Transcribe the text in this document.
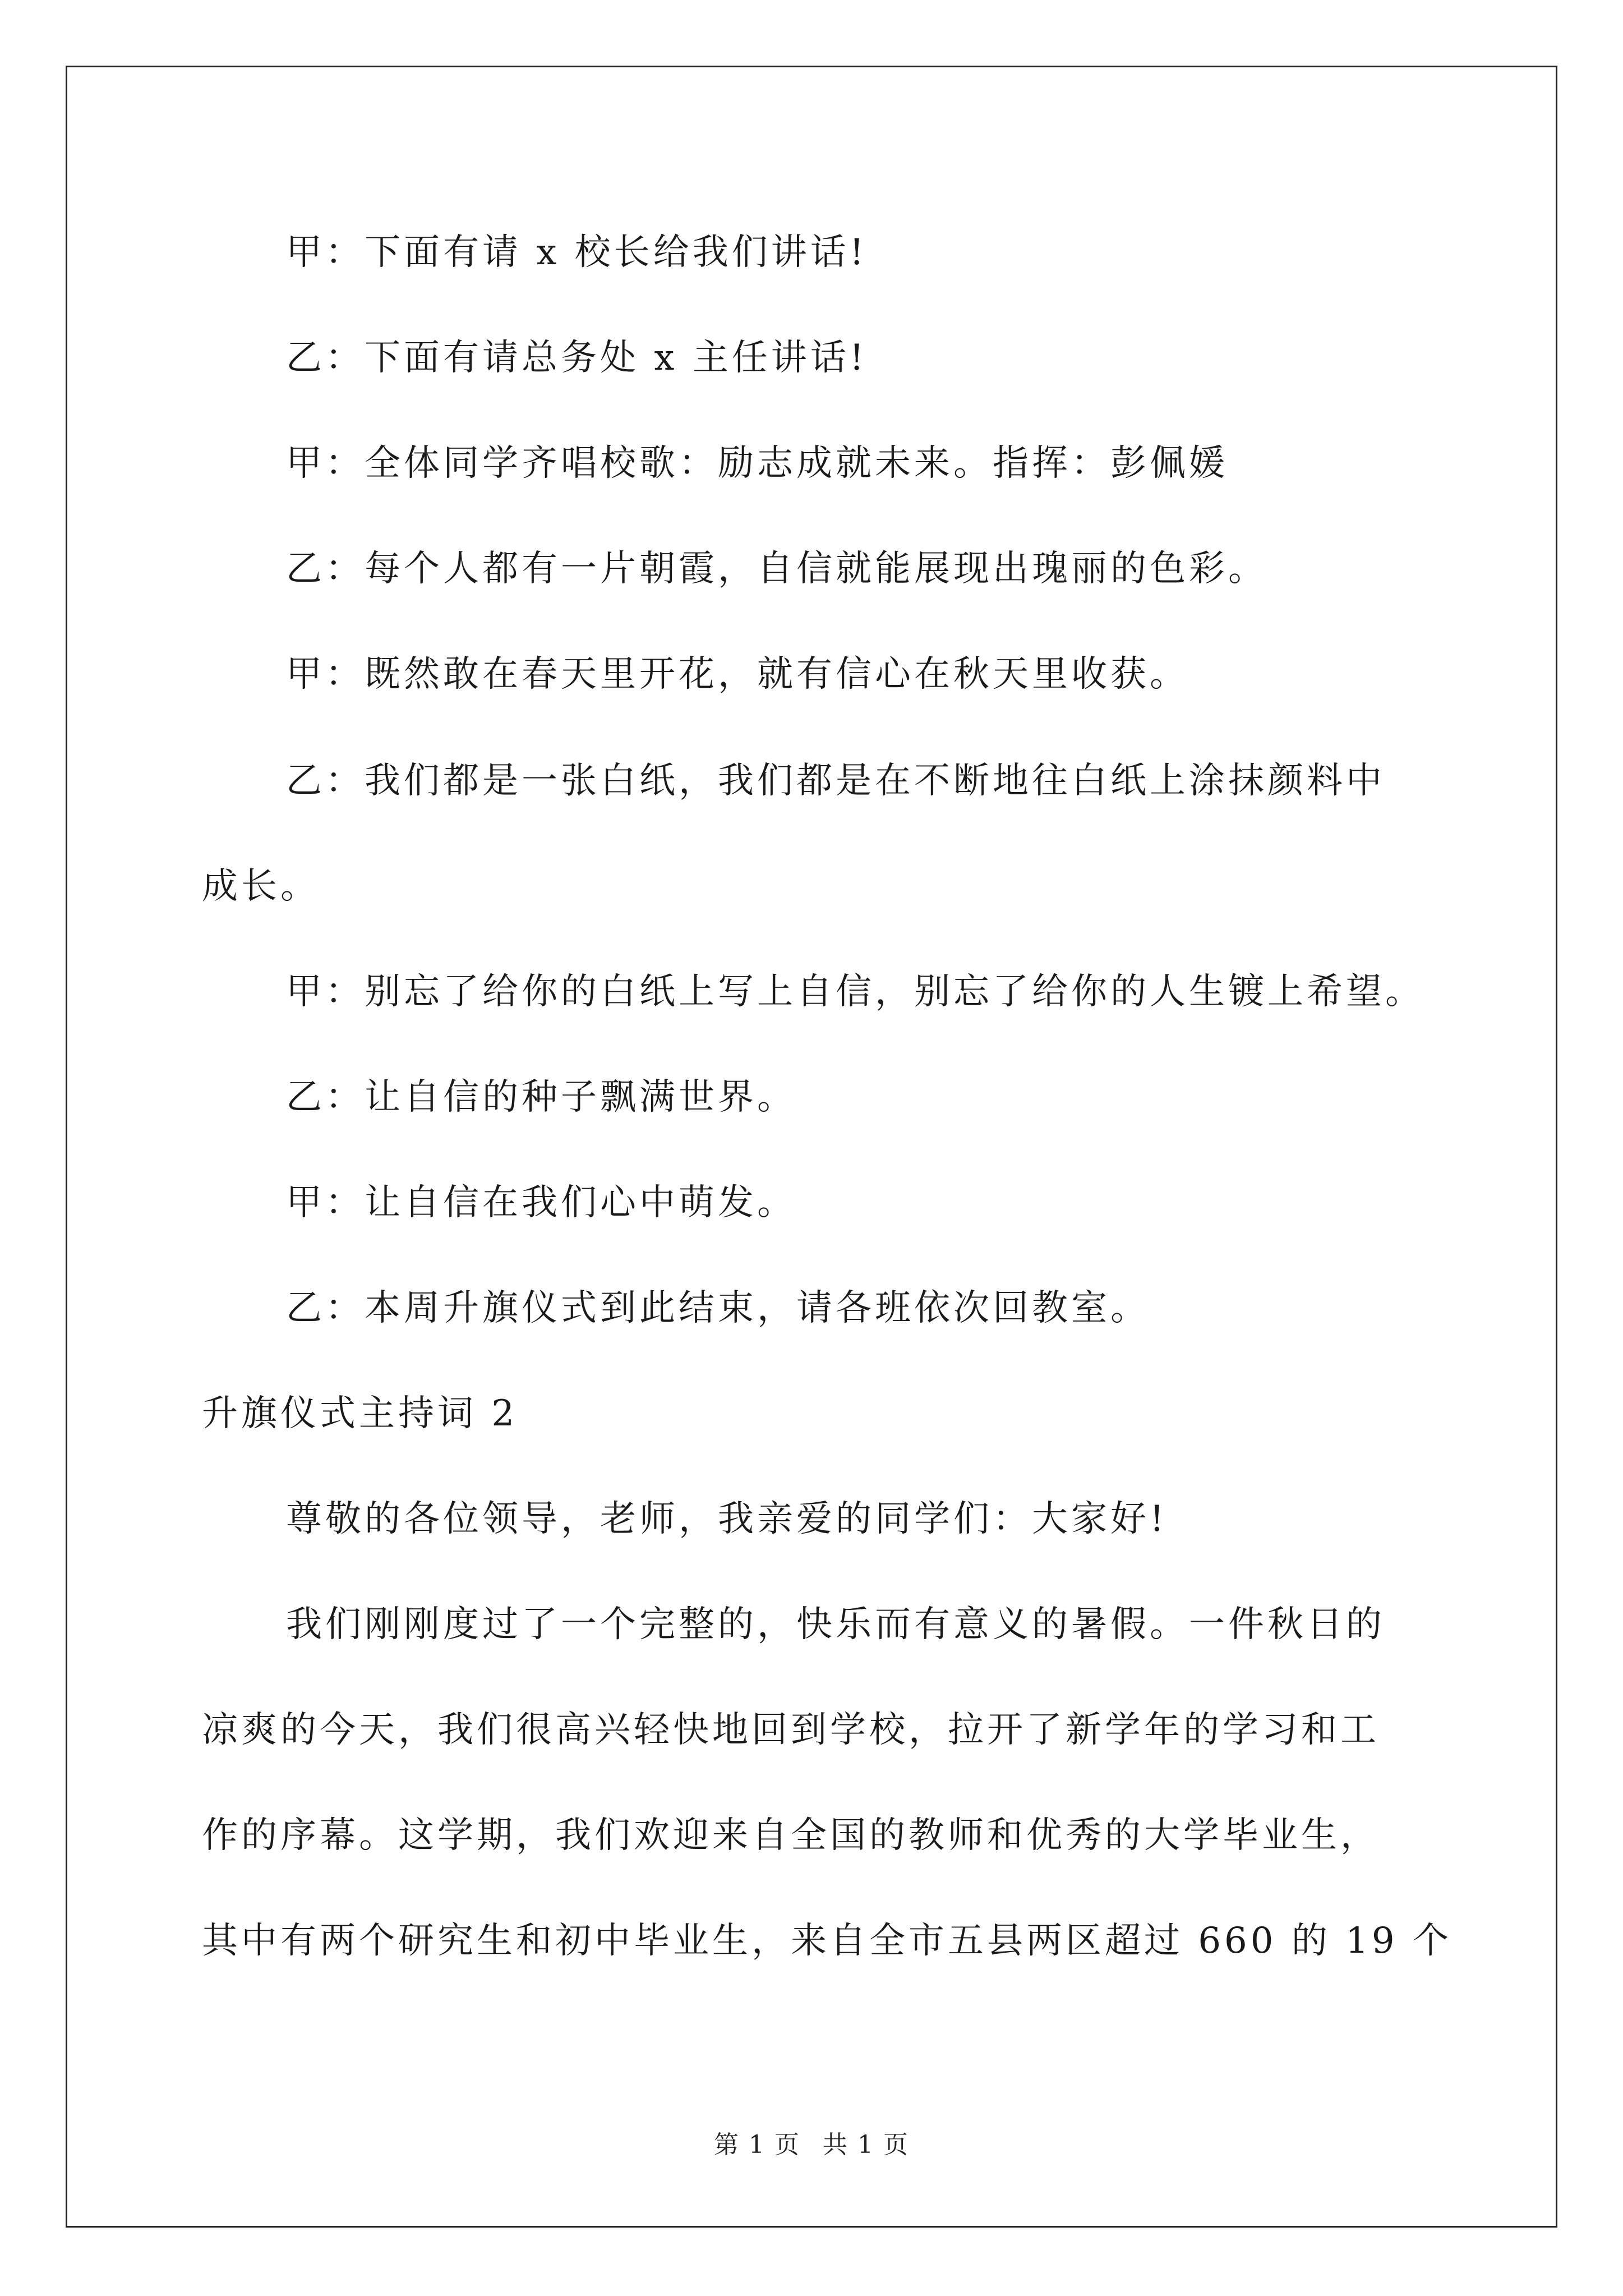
甲：下面有请 x 校长给我们讲话!
乙：下面有请总务处 x 主任讲话!
甲：全体同学齐唱校歌：励志成就未来。指挥：彭佩媛
乙：每个人都有一片朝霞，自信就能展现出瑰丽的色彩。
甲：既然敢在春天里开花，就有信心在秋天里收获。
乙：我们都是一张白纸，我们都是在不断地往白纸上涂抹颜料中
成长。
甲：别忘了给你的白纸上写上自信，别忘了给你的人生镀上希望。
乙：让自信的种子飘满世界。
甲：让自信在我们心中萌发。
乙：本周升旗仪式到此结束，请各班依次回教室。
升旗仪式主持词 2
尊敬的各位领导，老师，我亲爱的同学们：大家好!
我们刚刚度过了一个完整的，快乐而有意义的暑假。一件秋日的
凉爽的今天，我们很高兴轻快地回到学校，拉开了新学年的学习和工
作的序幕。这学期，我们欢迎来自全国的教师和优秀的大学毕业生，
其中有两个研究生和初中毕业生，来自全市五县两区超过 660 的 19 个
第 1 页 共 1 页
